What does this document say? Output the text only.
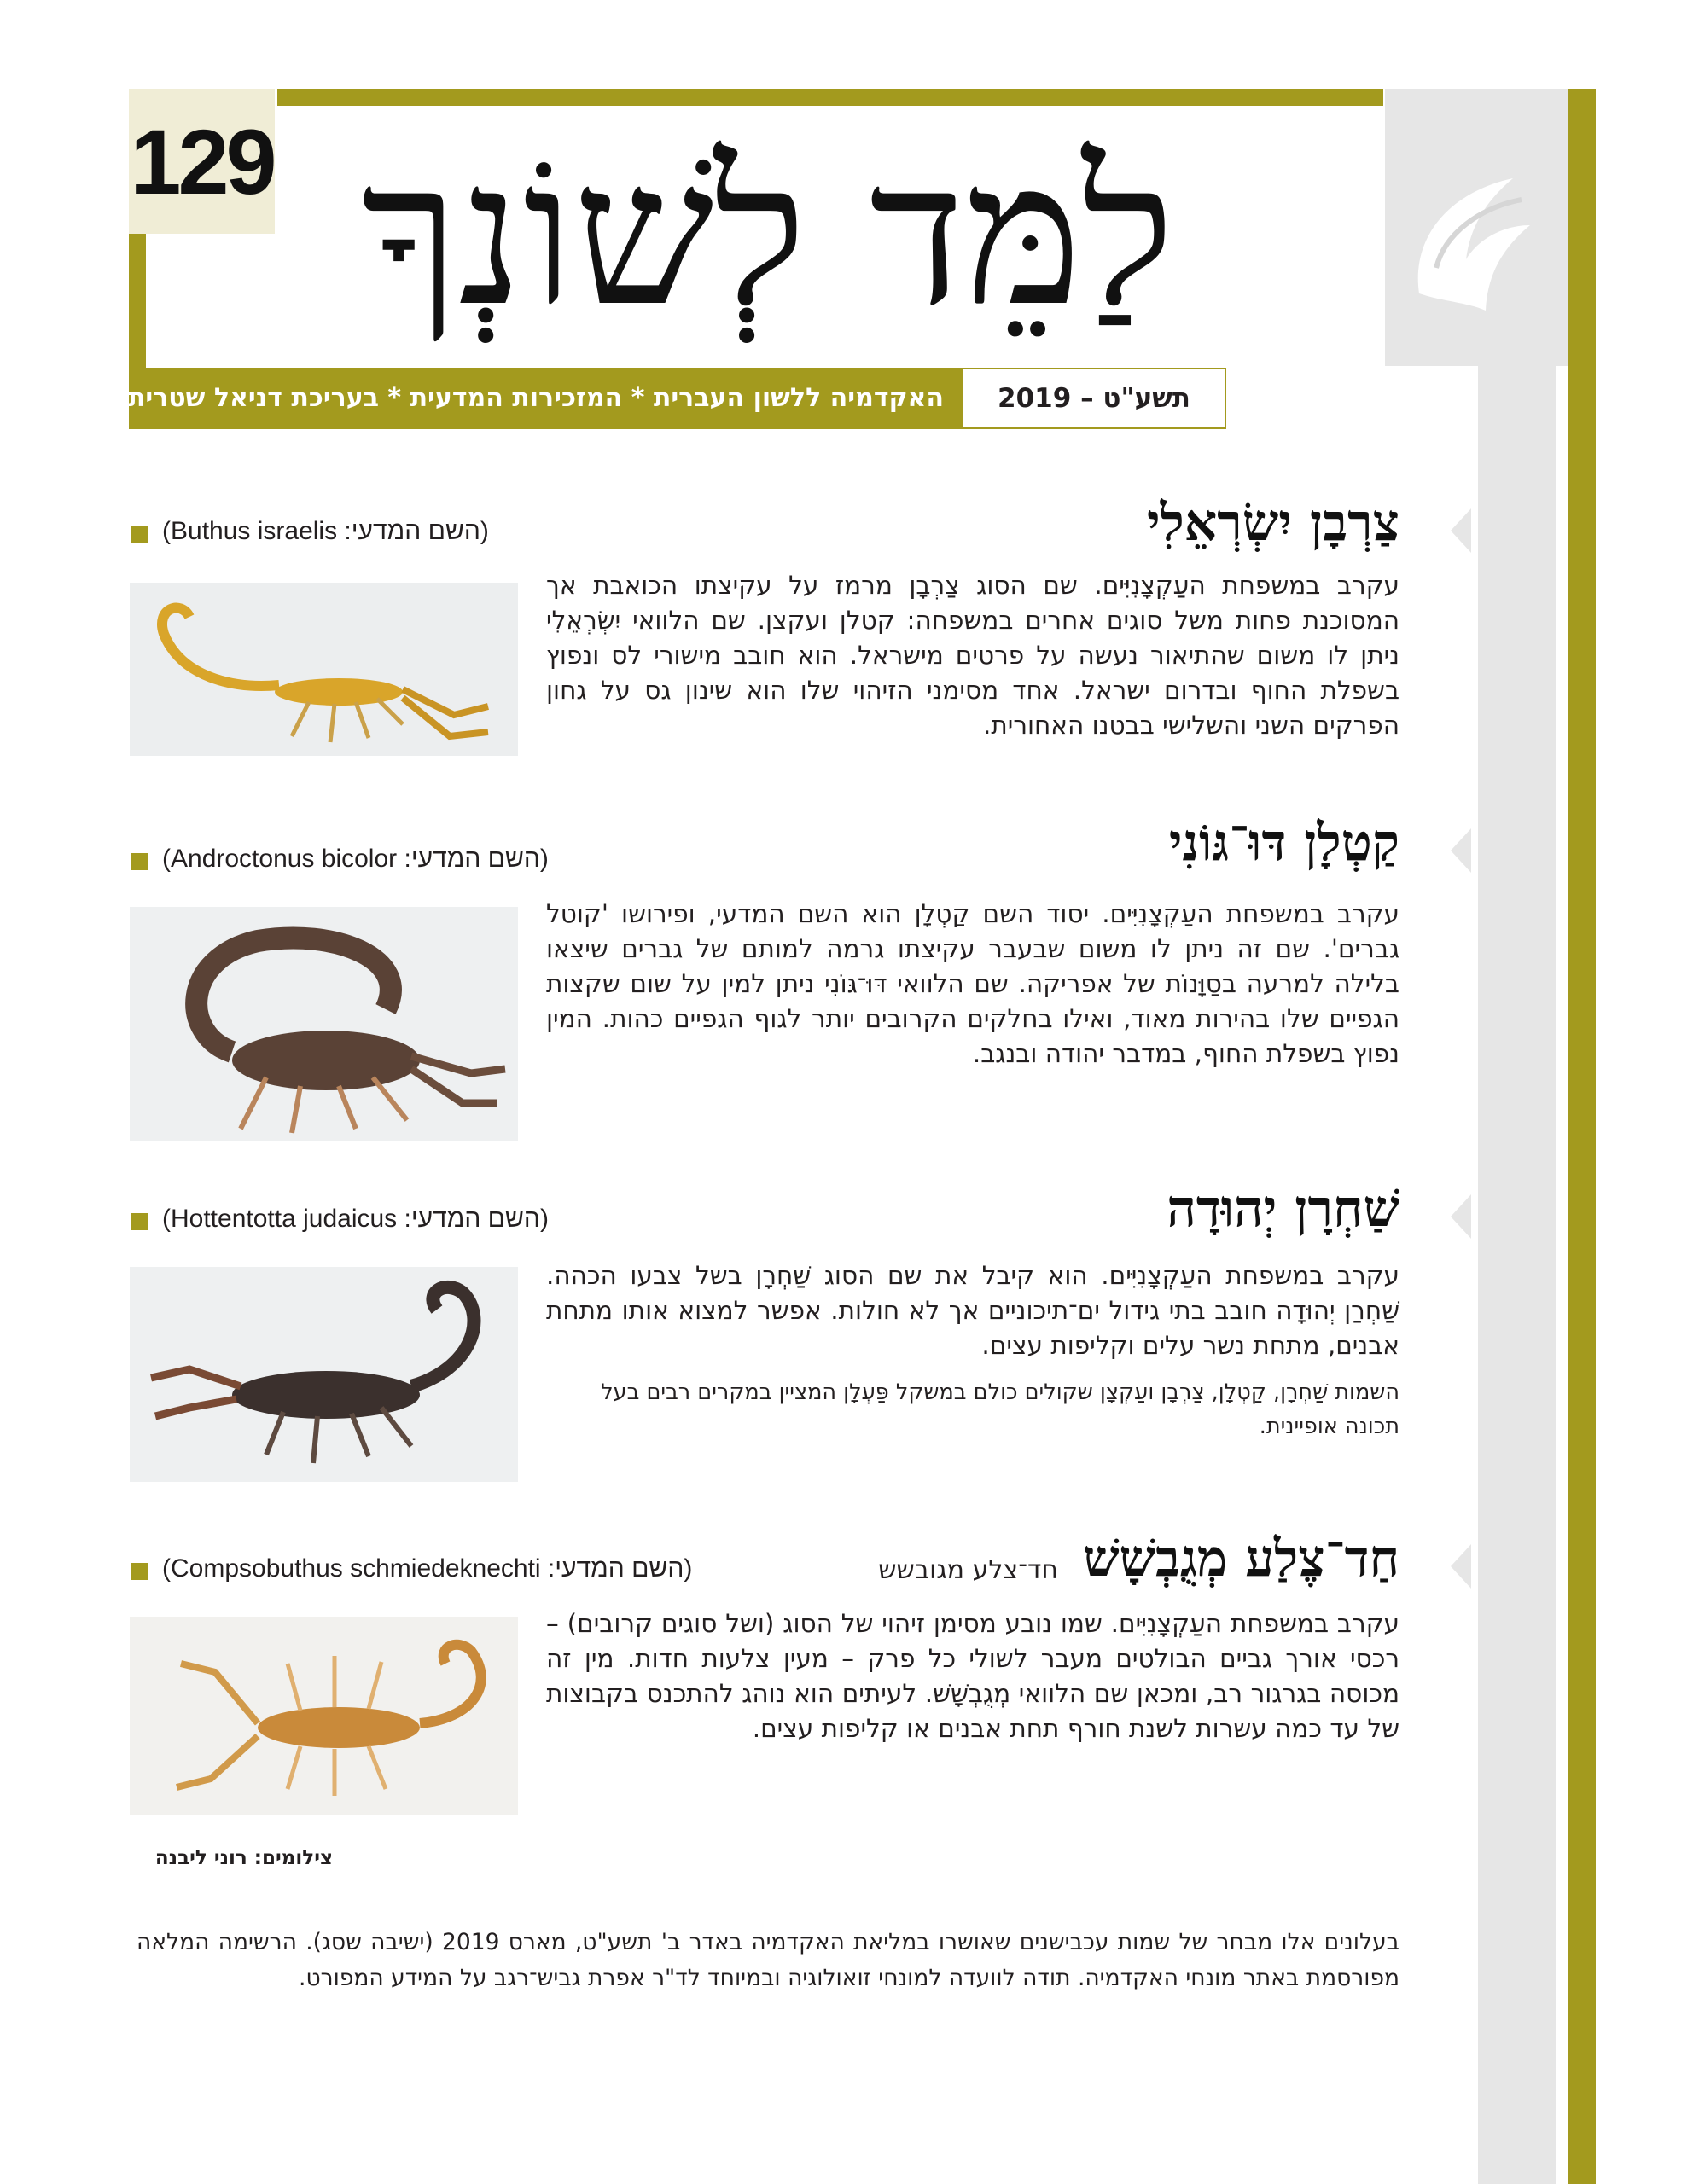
129 לַמֵּד לְשׁוֹנְךָ
תשע"ט – 2019
האקדמיה ללשון העברית * המזכירות המדעית * בעריכת דניאל שטרית
צַרְבָן יִשְׂרְאֵלִי
(השם המדעי: Buthus israelis)
עקרב במשפחת העַקְצָנִיִּים. שם הסוג צַרְבָן מרמז על עקיצתו הכואבת אך המסוכנת פחות משל סוגים אחרים במשפחה: קטלן ועקצן. שם הלוואי יִשְׂרְאֵלִי ניתן לו משום שהתיאור נעשה על פרטים מישראל. הוא חובב מישורי לס ונפוץ בשפלת החוף ובדרום ישראל. אחד מסימני הזיהוי שלו הוא שינון גס על גחון הפרקים השני והשלישי בבטנו האחורית.
קַטְלָן דּוּ־גּוֹנִי
(השם המדעי: Androctonus bicolor)
עקרב במשפחת העַקְצָנִיִּים. יסוד השם קַטְלָן הוא השם המדעי, ופירושו 'קוטל גברים'. שם זה ניתן לו משום שבעבר עקיצתו גרמה למותם של גברים שיצאו בלילה למרעה בסַוָּנוֹת של אפריקה. שם הלוואי דּוּ־גּוֹנִי ניתן למין על שום שקצות הגפיים שלו בהירות מאוד, ואילו בחלקים הקרובים יותר לגוף הגפיים כהות. המין נפוץ בשפלת החוף, במדבר יהודה ובנגב.
שַׁחְרָן יְהוּדָה
(השם המדעי: Hottentotta judaicus)
עקרב במשפחת העַקְצָנִיִּים. הוא קיבל את שם הסוג שַׁחְרָן בשל צבעו הכהה. שַׁחְרַן יְהוּדָה חובב בתי גידול ים־תיכוניים אך לא חולות. אפשר למצוא אותו מתחת אבנים, מתחת נשר עלים וקליפות עצים.
השמות שַׁחְרָן, קַטְלָן, צַרְבָן ועַקְצָן שקולים כולם במשקל פַּעְלָן המציין במקרים רבים בעל תכונה אופיינית.
חַד־צֶלַע מְגֻבְשָׁשׁ
חד־צלע מגובשש
(השם המדעי: Compsobuthus schmiedeknechti)
עקרב במשפחת העַקְצָנִיִּים. שמו נובע מסימן זיהוי של הסוג (ושל סוגים קרובים) – רכסי אורך גביים הבולטים מעבר לשולי כל פרק – מעין צלעות חדות. מין זה מכוסה בגרגור רב, ומכאן שם הלוואי מְגֻבְשָׁשׁ. לעיתים הוא נוהג להתכנס בקבוצות של עד כמה עשרות לשנת חורף תחת אבנים או קליפות עצים.
צילומים: רוני ליבנה
בעלונים אלו מבחר של שמות עכבישנים שאושרו במליאת האקדמיה באדר ב' תשע"ט, מארס 2019 (ישיבה שסג). הרשימה המלאה מפורסמת באתר מונחי האקדמיה. תודה לוועדה למונחי זואולוגיה ובמיוחד לד"ר אפרת גביש־רגב על המידע המפורט.
